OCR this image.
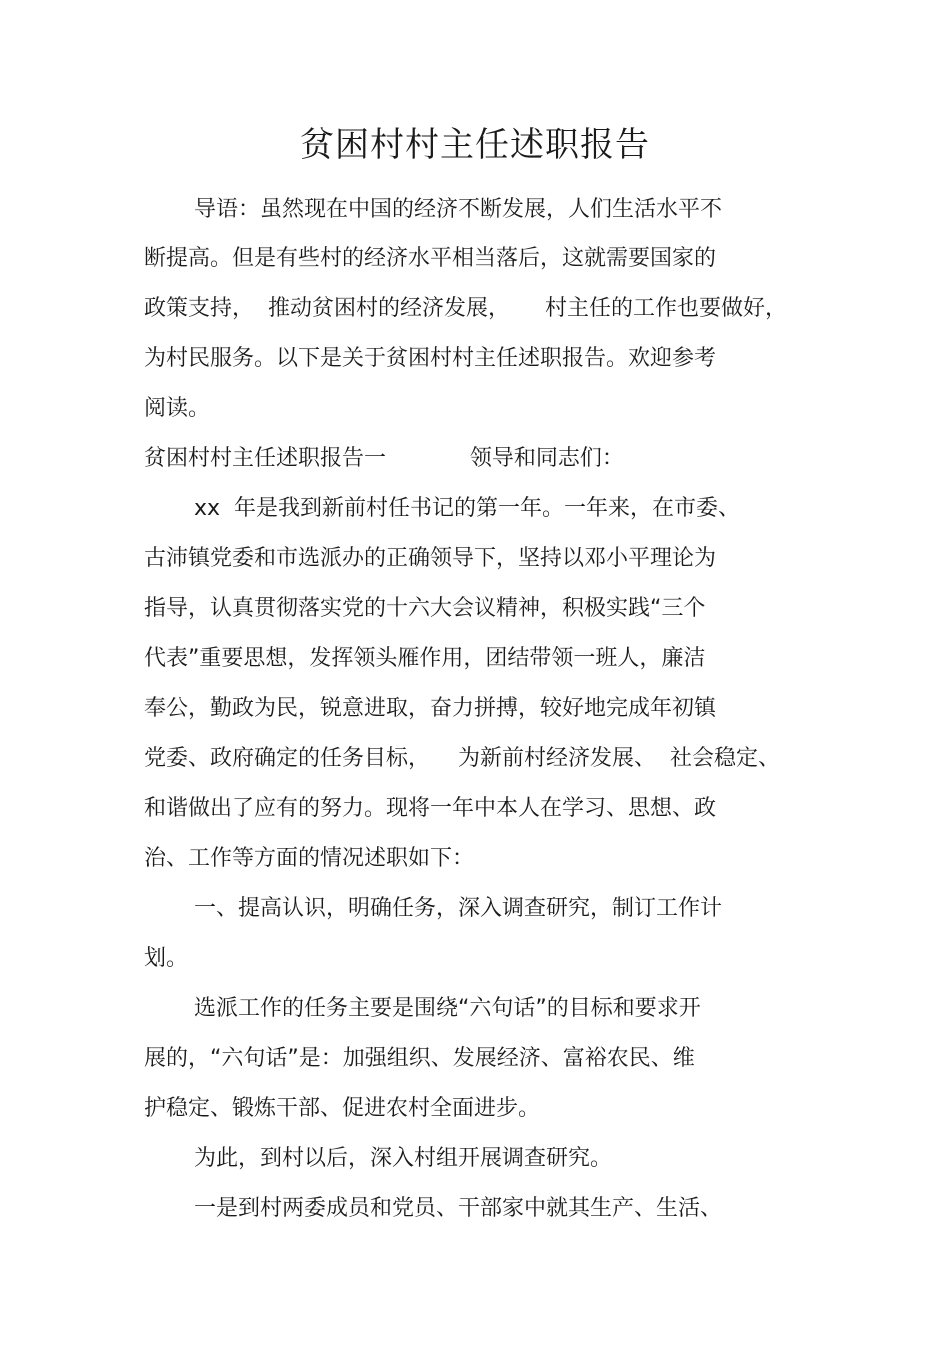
贫困村村主任述职报告
导语：虽然现在中国的经济不断发展，人们生活水平不
断提高。但是有些村的经济水平相当落后，这就需要国家的
政策支持，  推动贫困村的经济发展，     村主任的工作也要做好，
为村民服务。以下是关于贫困村村主任述职报告。欢迎参考
阅读。
贫困村村主任述职报告一            领导和同志们：
xx  年是我到新前村任书记的第一年。一年来，在市委、
古沛镇党委和市选派办的正确领导下，坚持以邓小平理论为
指导，认真贯彻落实党的十六大会议精神，积极实践“三个
代表”重要思想，发挥领头雁作用，团结带领一班人，廉洁
奉公，勤政为民，锐意进取，奋力拼搏，较好地完成年初镇
党委、政府确定的任务目标，    为新前村经济发展、  社会稳定、
和谐做出了应有的努力。现将一年中本人在学习、思想、政
治、工作等方面的情况述职如下：
一、提高认识，明确任务，深入调查研究，制订工作计
划。
选派工作的任务主要是围绕“六句话”的目标和要求开
展的，“六句话”是：加强组织、发展经济、富裕农民、维
护稳定、锻炼干部、促进农村全面进步。
为此，到村以后，深入村组开展调查研究。
一是到村两委成员和党员、干部家中就其生产、生活、
